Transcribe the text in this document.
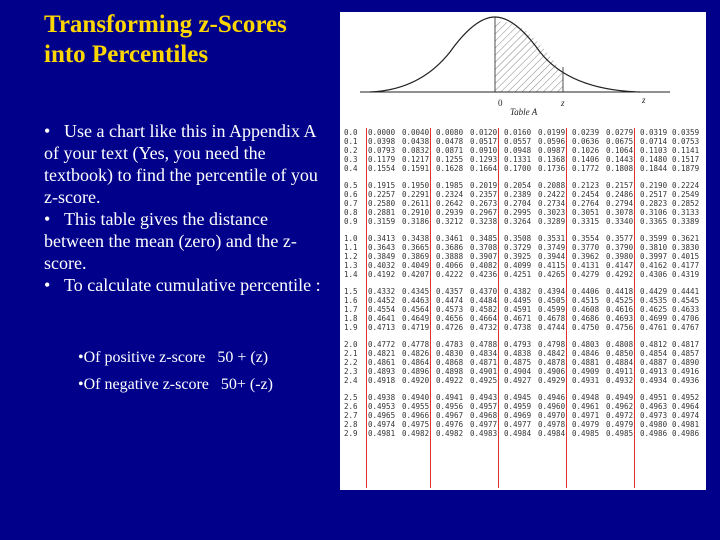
Transforming z-Scores into Percentiles

• Use a chart like this in Appendix A of your text (Yes, you need the textbook) to find the percentile of you z-score.

• This table gives the distance between the mean (zero) and the z-score.

• To calculate cumulative percentile :

•Of positive z-score 50 + (z)
•Of negative z-score 50+ (-z)
0	z	z
Table A
0.0 0.0000 0.0040 0.0080 0.0120 0.0160 0.0199 0.0239 0.0279 0.0319 0.0359
0.1 0.0398 0.0438 0.0478 0.0517 0.0557 0.0596 0.0636 0.0675 0.0714 0.0753
0.2 0.0793 0.0832 0.0871 0.0910 0.0948 0.0987 0.1026 0.1064 0.1103 0.1141
0.3 0.1179 0.1217 0.1255 0.1293 0.1331 0.1368 0.1406 0.1443 0.1480 0.1517
0.4 0.1554 0.1591 0.1628 0.1664 0.1700 0.1736 0.1772 0.1808 0.1844 0.1879
0.5 0.1915 0.1950 0.1985 0.2019 0.2054 0.2088 0.2123 0.2157 0.2190 0.2224
0.6 0.2257 0.2291 0.2324 0.2357 0.2389 0.2422 0.2454 0.2486 0.2517 0.2549
0.7 0.2580 0.2611 0.2642 0.2673 0.2704 0.2734 0.2764 0.2794 0.2823 0.2852
0.8 0.2881 0.2910 0.2939 0.2967 0.2995 0.3023 0.3051 0.3078 0.3106 0.3133
0.9 0.3159 0.3186 0.3212 0.3238 0.3264 0.3289 0.3315 0.3340 0.3365 0.3389
1.0 0.3413 0.3438 0.3461 0.3485 0.3508 0.3531 0.3554 0.3577 0.3599 0.3621
1.1 0.3643 0.3665 0.3686 0.3708 0.3729 0.3749 0.3770 0.3790 0.3810 0.3830
1.2 0.3849 0.3869 0.3888 0.3907 0.3925 0.3944 0.3962 0.3980 0.3997 0.4015
1.3 0.4032 0.4049 0.4066 0.4082 0.4099 0.4115 0.4131 0.4147 0.4162 0.4177
1.4 0.4192 0.4207 0.4222 0.4236 0.4251 0.4265 0.4279 0.4292 0.4306 0.4319
1.5 0.4332 0.4345 0.4357 0.4370 0.4382 0.4394 0.4406 0.4418 0.4429 0.4441
1.6 0.4452 0.4463 0.4474 0.4484 0.4495 0.4505 0.4515 0.4525 0.4535 0.4545
1.7 0.4554 0.4564 0.4573 0.4582 0.4591 0.4599 0.4608 0.4616 0.4625 0.4633
1.8 0.4641 0.4649 0.4656 0.4664 0.4671 0.4678 0.4686 0.4693 0.4699 0.4706
1.9 0.4713 0.4719 0.4726 0.4732 0.4738 0.4744 0.4750 0.4756 0.4761 0.4767
2.0 0.4772 0.4778 0.4783 0.4788 0.4793 0.4798 0.4803 0.4808 0.4812 0.4817
2.1 0.4821 0.4826 0.4830 0.4834 0.4838 0.4842 0.4846 0.4850 0.4854 0.4857
2.2 0.4861 0.4864 0.4868 0.4871 0.4875 0.4878 0.4881 0.4884 0.4887 0.4890
2.3 0.4893 0.4896 0.4898 0.4901 0.4904 0.4906 0.4909 0.4911 0.4913 0.4916
2.4 0.4918 0.4920 0.4922 0.4925 0.4927 0.4929 0.4931 0.4932 0.4934 0.4936
2.5 0.4938 0.4940 0.4941 0.4943 0.4945 0.4946 0.4948 0.4949 0.4951 0.4952
2.6 0.4953 0.4955 0.4956 0.4957 0.4959 0.4960 0.4961 0.4962 0.4963 0.4964
2.7 0.4965 0.4966 0.4967 0.4968 0.4969 0.4970 0.4971 0.4972 0.4973 0.4974
2.8 0.4974 0.4975 0.4976 0.4977 0.4977 0.4978 0.4979 0.4979 0.4980 0.4981
2.9 0.4981 0.4982 0.4982 0.4983 0.4984 0.4984 0.4985 0.4985 0.4986 0.4986
